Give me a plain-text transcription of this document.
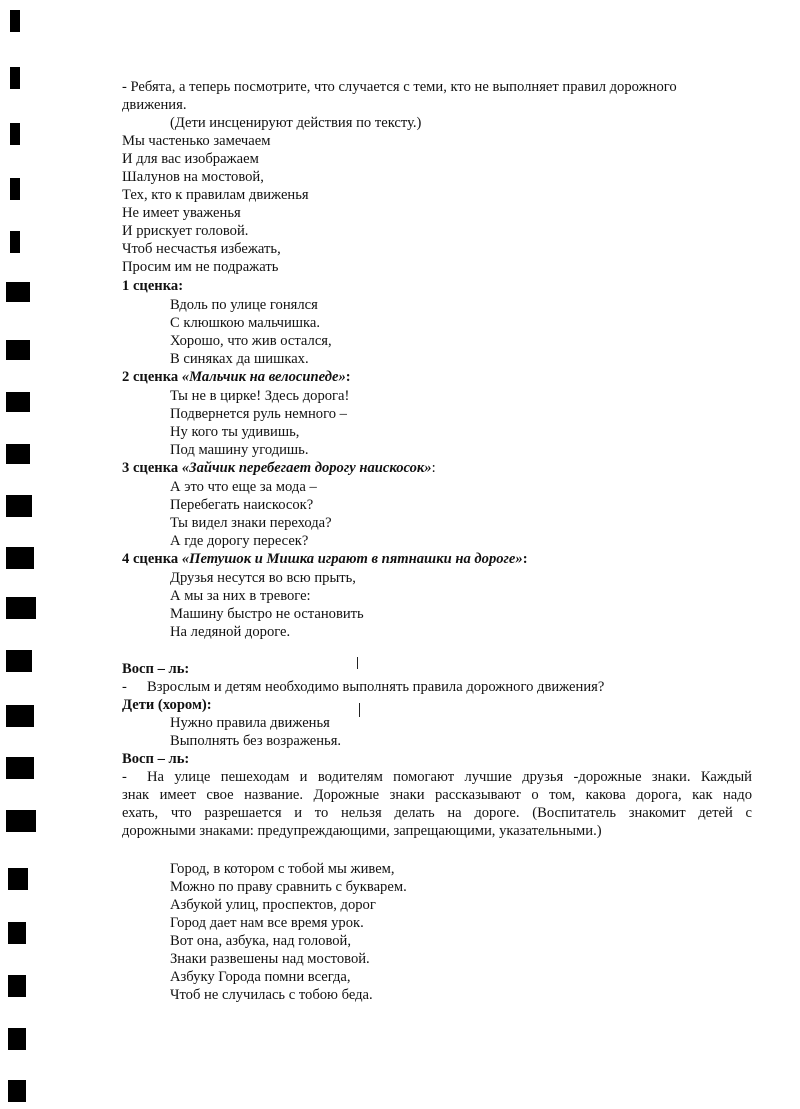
- Ребята, а теперь посмотрите, что случается с теми, кто не выполняет правил дорожного
движения.
(Дети инсценируют действия по тексту.)
Мы частенько замечаем
И для вас изображаем
Шалунов на мостовой,
Тех, кто к правилам движенья
Не имеет уваженья
И ррискует головой.
Чтоб несчастья избежать,
Просим им не подражать
1 сценка:
Вдоль по улице гонялся
С клюшкою мальчишка.
Хорошо, что жив остался,
В синяках да шишках.
2 сценка «Мальчик на велосипеде»:
Ты не в цирке! Здесь дорога!
Подвернется руль немного –
Ну кого ты удивишь,
Под машину угодишь.
3 сценка «Зайчик перебегает дорогу наискосок»:
А это что еще за мода –
Перебегать наискосок?
Ты видел знаки перехода?
А где дорогу пересек?
4 сценка «Петушок и Мишка играют в пятнашки на дороге»:
Друзья несутся во всю прыть,
А мы за них в тревоге:
Машину быстро не остановить
На ледяной дороге.
Восп – ль:
- Взрослым и детям необходимо выполнять правила дорожного движения?
Дети (хором):
Нужно правила движенья
Выполнять без возраженья.
Восп – ль:
- На улице пешеходам и водителям помогают лучшие друзья -дорожные знаки. Каждый
знак имеет свое название. Дорожные знаки рассказывают о том, какова дорога, как надо
ехать, что разрешается и то нельзя делать на дороге. (Воспитатель знакомит детей с
дорожными знаками: предупреждающими, запрещающими, указательными.)
Город, в котором с тобой мы живем,
Можно по праву сравнить с букварем.
Азбукой улиц, проспектов, дорог
Город дает нам все время урок.
Вот она, азбука, над головой,
Знаки развешены над мостовой.
Азбуку Города помни всегда,
Чтоб не случилась с тобою беда.
